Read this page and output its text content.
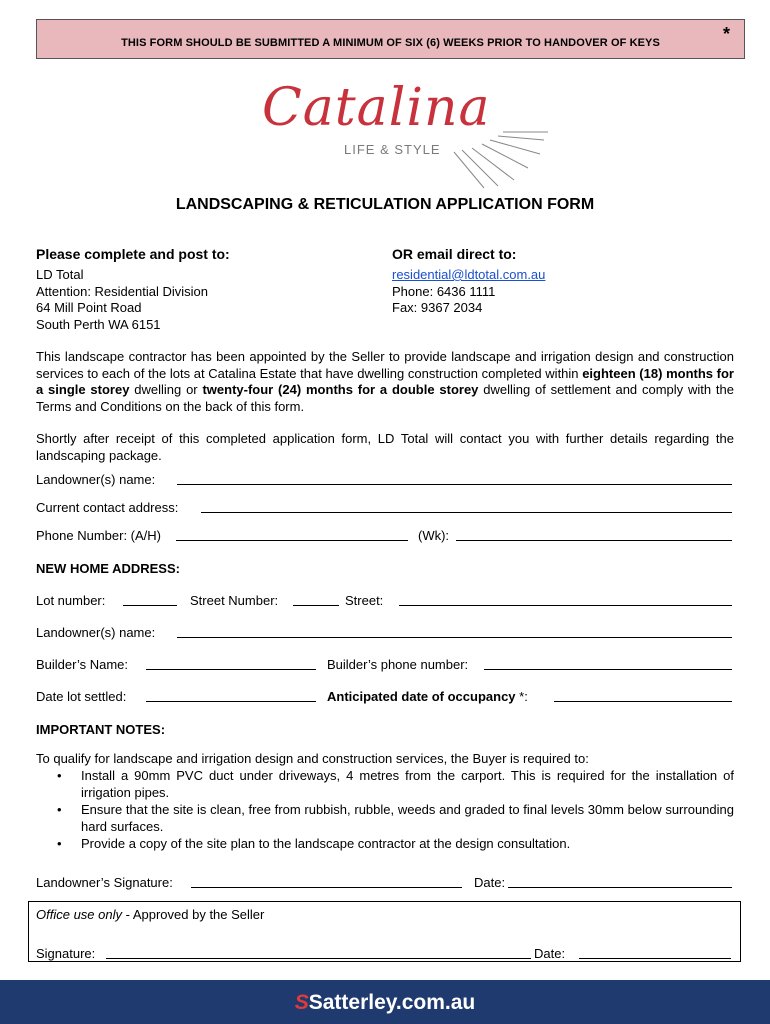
THIS FORM SHOULD BE SUBMITTED A MINIMUM OF SIX (6) WEEKS PRIOR TO HANDOVER OF KEYS	*
Catalina
LIFE & STYLE
LANDSCAPING & RETICULATION APPLICATION FORM
Please complete and post to:
LD Total
Attention: Residential Division
64 Mill Point Road
South Perth WA 6151
OR email direct to:
residential@ldtotal.com.au
Phone: 6436 1111
Fax: 9367 2034
This landscape contractor has been appointed by the Seller to provide landscape and irrigation design and construction services to each of the lots at Catalina Estate that have dwelling construction completed within eighteen (18) months for a single storey dwelling or twenty-four (24) months for a double storey dwelling of settlement and comply with the Terms and Conditions on the back of this form.
Shortly after receipt of this completed application form, LD Total will contact you with further details regarding the landscaping package.
Landowner(s) name:
Current contact address:
Phone Number: (A/H)	(Wk):
NEW HOME ADDRESS:
Lot number:	Street Number:	Street:
Landowner(s) name:
Builder’s Name:	Builder’s phone number:
Date lot settled:	Anticipated date of occupancy *:
IMPORTANT NOTES:
To qualify for landscape and irrigation design and construction services, the Buyer is required to:
• Install a 90mm PVC duct under driveways, 4 metres from the carport. This is required for the installation of irrigation pipes.
• Ensure that the site is clean, free from rubbish, rubble, weeds and graded to final levels 30mm below surrounding hard surfaces.
• Provide a copy of the site plan to the landscape contractor at the design consultation.
Landowner’s Signature:	Date:
Office use only - Approved by the Seller
Signature:	Date:
SSatterley.com.au
